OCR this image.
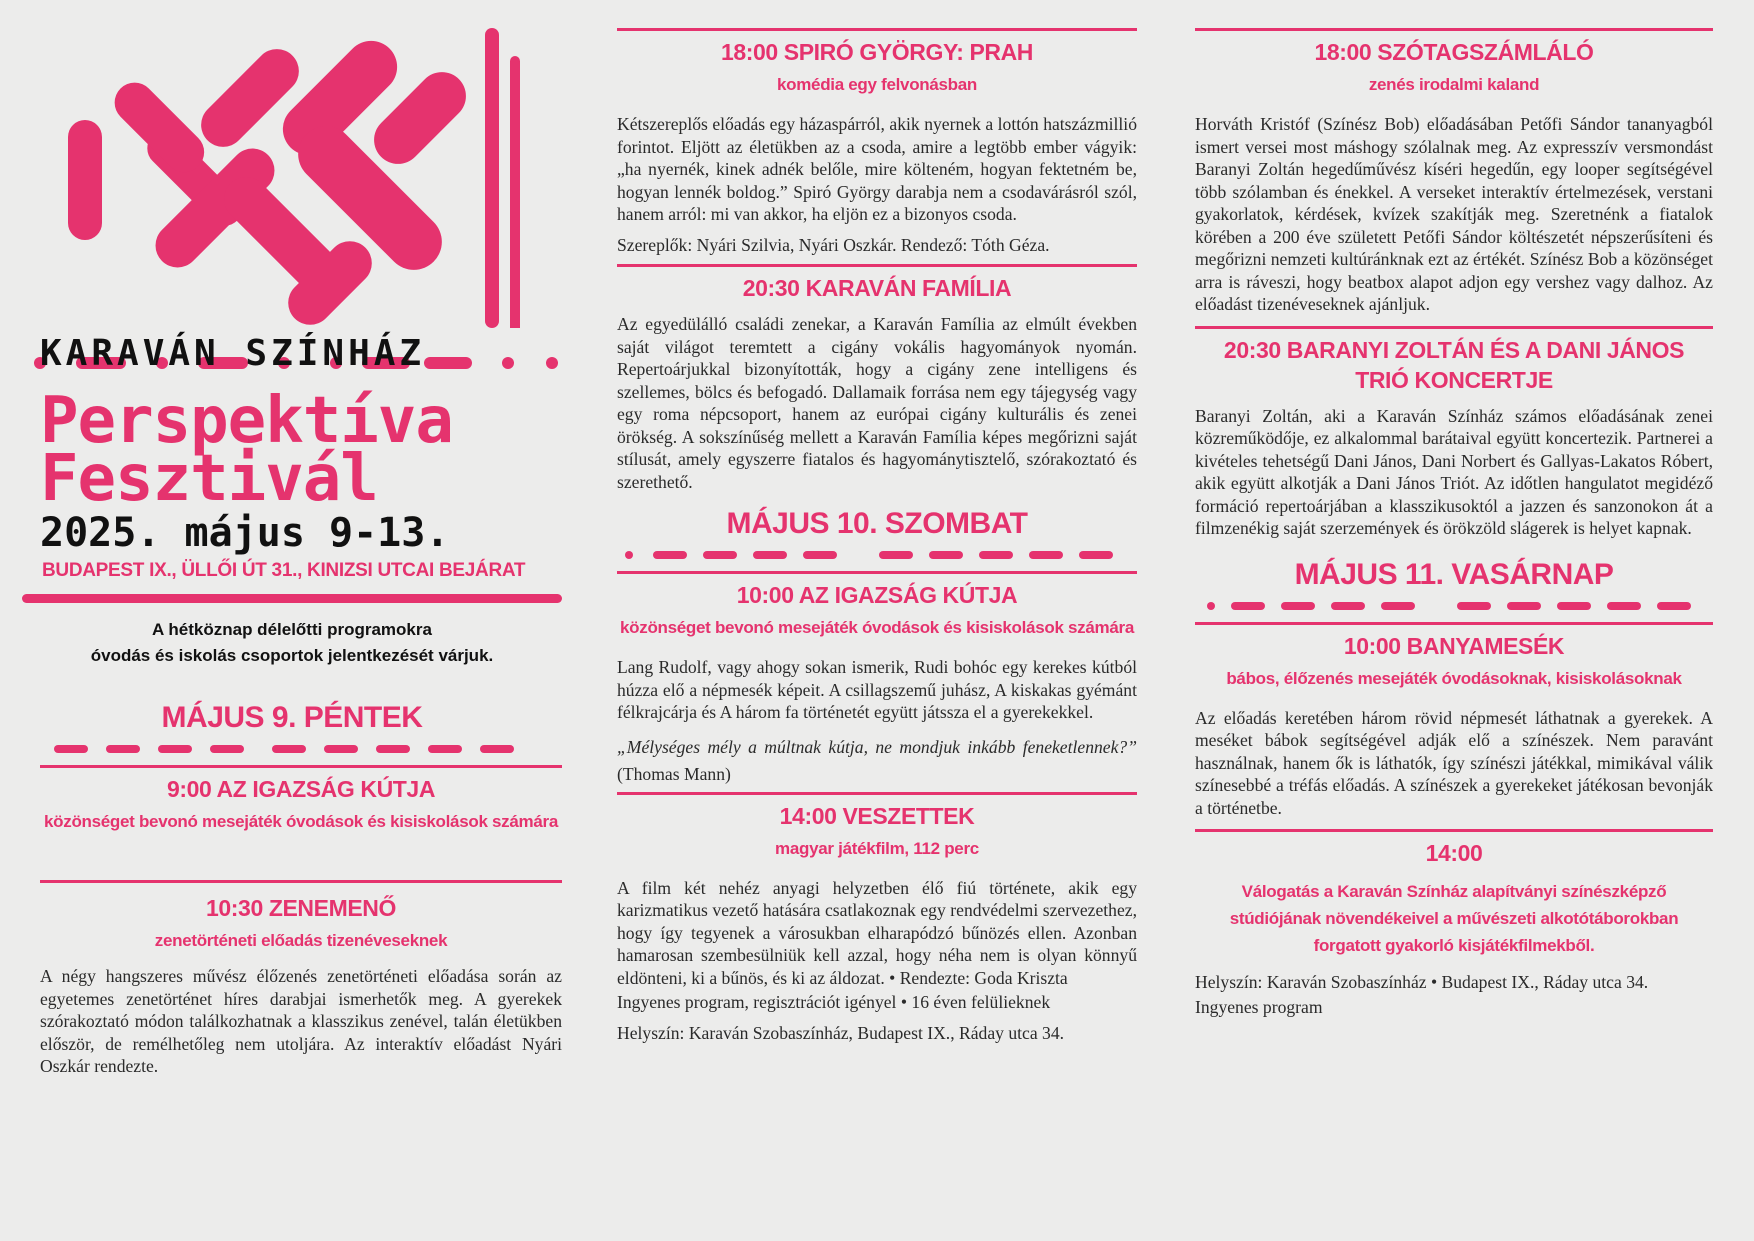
KARAVÁN SZÍNHÁZ
Perspektíva
Fesztivál
2025. május 9-13.
BUDAPEST IX., ÜLLŐI ÚT 31., KINIZSI UTCAI BEJÁRAT
A hétköznap délelőtti programokra
óvodás és iskolás csoportok jelentkezését várjuk.
MÁJUS 9. PÉNTEK
9:00 AZ IGAZSÁG KÚTJA
közönséget bevonó mesejáték óvodások és kisiskolások számára
10:30 ZENEMENŐ
zenetörténeti előadás tizenéveseknek
A négy hangszeres művész élőzenés zenetörténeti előadása során az egyetemes zenetörténet híres darabjai ismerhetők meg. A gyerekek szórakoztató módon találkozhatnak a klasszikus zenével, talán életükben először, de remélhetőleg nem utoljára. Az interaktív előadást Nyári Oszkár rendezte.
18:00 SPIRÓ GYÖRGY: PRAH
komédia egy felvonásban
Kétszereplős előadás egy házaspárról, akik nyernek a lottón hatszázmillió forintot. Eljött az életükben az a csoda, amire a legtöbb ember vágyik: „ha nyernék, kinek adnék belőle, mire költeném, hogyan fektetném be, hogyan lennék boldog.” Spiró György darabja nem a csodavárásról szól, hanem arról: mi van akkor, ha eljön ez a bizonyos csoda.
Szereplők: Nyári Szilvia, Nyári Oszkár. Rendező: Tóth Géza.
20:30 KARAVÁN FAMÍLIA
Az egyedülálló családi zenekar, a Karaván Família az elmúlt években saját világot teremtett a cigány vokális hagyományok nyomán. Repertoárjukkal bizonyították, hogy a cigány zene intelligens és szellemes, bölcs és befogadó. Dallamaik forrása nem egy tájegység vagy egy roma népcsoport, hanem az európai cigány kulturális és zenei örökség. A sokszínűség mellett a Karaván Família képes megőrizni saját stílusát, amely egyszerre fiatalos és hagyománytisztelő, szórakoztató és szerethető.
MÁJUS 10. SZOMBAT
10:00 AZ IGAZSÁG KÚTJA
közönséget bevonó mesejáték óvodások és kisiskolások számára
Lang Rudolf, vagy ahogy sokan ismerik, Rudi bohóc egy kerekes kútból húzza elő a népmesék képeit. A csillagszemű juhász, A kiskakas gyémánt félkrajcárja és A három fa történetét együtt játssza el a gyerekekkel.
„Mélységes mély a múltnak kútja, ne mondjuk inkább feneketlennek?” (Thomas Mann)
14:00 VESZETTEK
magyar játékfilm, 112 perc
A film két nehéz anyagi helyzetben élő fiú története, akik egy karizmatikus vezető hatására csatlakoznak egy rendvédelmi szervezethez, hogy így tegyenek a városukban elharapódzó bűnözés ellen. Azonban hamarosan szembesülniük kell azzal, hogy néha nem is olyan könnyű eldönteni, ki a bűnös, és ki az áldozat. • Rendezte: Goda Kriszta
Ingyenes program, regisztrációt igényel • 16 éven felülieknek
Helyszín: Karaván Szobaszínház, Budapest IX., Ráday utca 34.
18:00 SZÓTAGSZÁMLÁLÓ
zenés irodalmi kaland
Horváth Kristóf (Színész Bob) előadásában Petőfi Sándor tananyagból ismert versei most máshogy szólalnak meg. Az expresszív versmondást Baranyi Zoltán hegedűművész kíséri hegedűn, egy looper segítségével több szólamban és énekkel. A verseket interaktív értelmezések, verstani gyakorlatok, kérdések, kvízek szakítják meg. Szeretnénk a fiatalok körében a 200 éve született Petőfi Sándor költészetét népszerűsíteni és megőrizni nemzeti kultúránknak ezt az értékét. Színész Bob a közönséget arra is ráveszi, hogy beatbox alapot adjon egy vershez vagy dalhoz. Az előadást tizenéveseknek ajánljuk.
20:30 BARANYI ZOLTÁN ÉS A DANI JÁNOS
TRIÓ KONCERTJE
Baranyi Zoltán, aki a Karaván Színház számos előadásának zenei közreműködője, ez alkalommal barátaival együtt koncertezik. Partnerei a kivételes tehetségű Dani János, Dani Norbert és Gallyas-Lakatos Róbert, akik együtt alkotják a Dani János Triót. Az időtlen hangulatot megidéző formáció repertoárjában a klasszikusoktól a jazzen és sanzonokon át a filmzenékig saját szerzemények és örökzöld slágerek is helyet kapnak.
MÁJUS 11. VASÁRNAP
10:00 BANYAMESÉK
bábos, élőzenés mesejáték óvodásoknak, kisiskolásoknak
Az előadás keretében három rövid népmesét láthatnak a gyerekek. A meséket bábok segítségével adják elő a színészek. Nem paravánt használnak, hanem ők is láthatók, így színészi játékkal, mimikával válik színesebbé a tréfás előadás. A színészek a gyerekeket játékosan bevonják a történetbe.
14:00
Válogatás a Karaván Színház alapítványi színészképző stúdiójának növendékeivel a művészeti alkotótáborokban forgatott gyakorló kisjátékfilmekből.
Helyszín: Karaván Szobaszínház • Budapest IX., Ráday utca 34.
Ingyenes program
